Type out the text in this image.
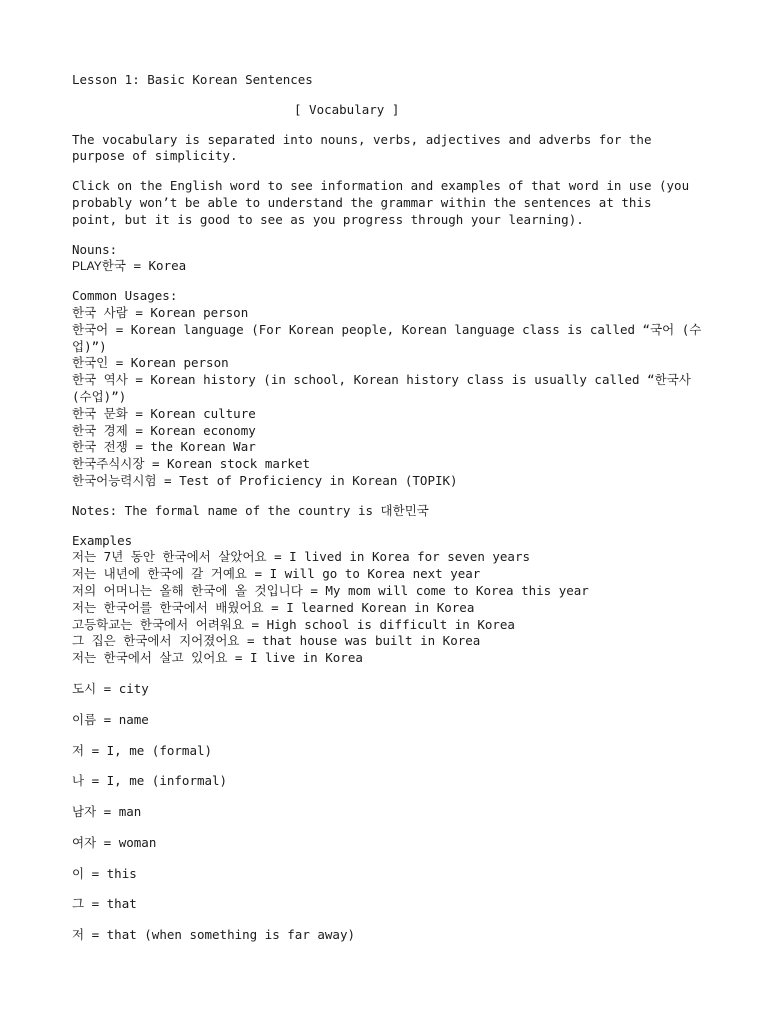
Lesson 1: Basic Korean Sentences
[ Vocabulary ]
The vocabulary is separated into nouns, verbs, adjectives and adverbs for the purpose of simplicity.
Click on the English word to see information and examples of that word in use (you probably won’t be able to understand the grammar within the sentences at this point, but it is good to see as you progress through your learning).
Nouns:
PLAY한국 = Korea
Common Usages:
한국 사람 = Korean person
한국어 = Korean language (For Korean people, Korean language class is called “국어 (수업)”)
한국인 = Korean person
한국 역사 = Korean history (in school, Korean history class is usually called “한국사 (수업)”)
한국 문화 = Korean culture
한국 경제 = Korean economy
한국 전쟁 = the Korean War
한국주식시장 = Korean stock market
한국어능력시험 = Test of Proficiency in Korean (TOPIK)
Notes: The formal name of the country is 대한민국
Examples
저는 7년 동안 한국에서 살았어요 = I lived in Korea for seven years
저는 내년에 한국에 갈 거예요 = I will go to Korea next year
저의 어머니는 올해 한국에 올 것입니다 = My mom will come to Korea this year
저는 한국어를 한국에서 배웠어요 = I learned Korean in Korea
고등학교는 한국에서 어려워요 = High school is difficult in Korea
그 집은 한국에서 지어졌어요 = that house was built in Korea
저는 한국에서 살고 있어요 = I live in Korea
도시 = city
이름 = name
저 = I, me (formal)
나 = I, me (informal)
남자 = man
여자 = woman
이 = this
그 = that
저 = that (when something is far away)
